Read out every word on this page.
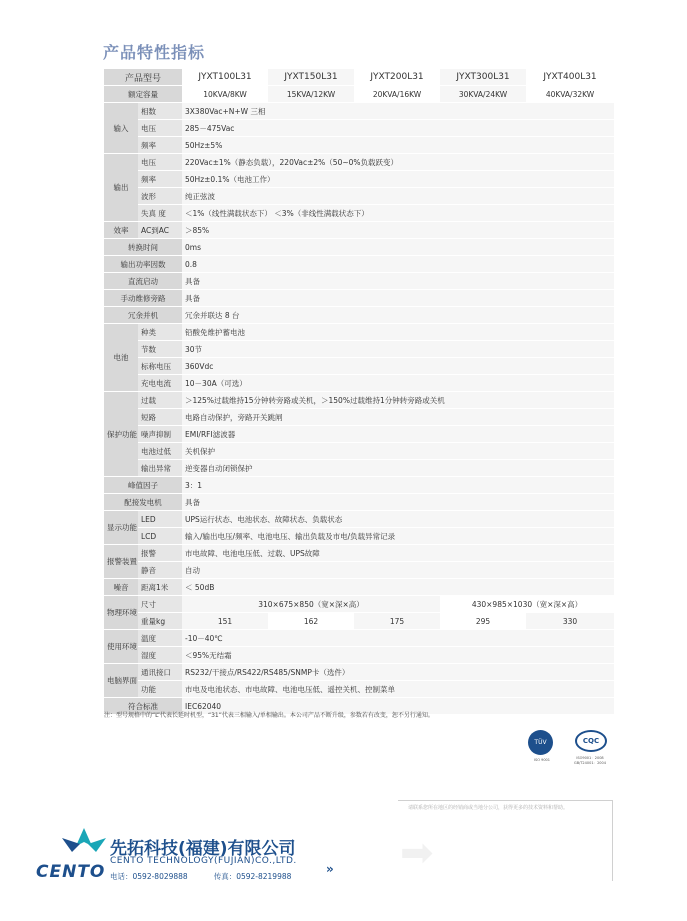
产品特性指标
产品型号		JYXT100L31	JYXT150L31	JYXT200L31	JYXT300L31	JYXT400L31
额定容量		10KVA/8KW	15KVA/12KW	20KVA/16KW	30KVA/24KW	40KVA/32KW
输入	相数	3X380Vac+N+W 三相				
	电压	285－475Vac				
	频率	50Hz±5%				
输出	电压	220Vac±1%（静态负载），220Vac±2%（50~0%负载跃变）				
	频率	50Hz±0.1%（电池工作）				
	波形	纯正弦波				
	失真 度	＜1%（线性满载状态下） ＜3%（非线性满载状态下）				
效率	AC到AC	＞85%				
转换时间		0ms				
输出功率因数		0.8				
直流启动		具备				
手动维修旁路		具备				
冗余并机		冗余并联达 8 台				
电池	种类	铅酸免维护蓄电池				
	节数	30节				
	标称电压	360Vdc				
	充电电流	10－30A（可选）				
保护功能	过载	＞125%过载维持15分钟转旁路或关机，＞150%过载维持1分钟转旁路或关机				
	短路	电路自动保护，旁路开关跳闸				
	噪声抑制	EMI/RFI滤波器				
	电池过低	关机保护				
	输出异常	逆变器自动闭锁保护				
峰值因子		3：1				
配接发电机		具备				
显示功能	LED	UPS运行状态、电池状态、故障状态、负载状态				
	LCD	输入/输出电压/频率、电池电压、输出负载及市电/负载异常记录				
报警装置	报警	市电故障、电池电压低、过载、UPS故障				
	静音	自动				
噪音	距离1米	＜ 50dB				
物理环境	尺寸	310×675×850（宽×深×高）			430×985×1030（宽×深×高）	
	重量kg	151	162	175	295	330
使用环境	温度	-10－40℃				
	湿度	＜95%无结霜				
电脑界面	通讯接口	RS232/干接点/RS422/RS485/SNMP卡（选件）				
	功能	市电及电池状态、市电故障、电池电压低、遥控关机、控制菜单				
符合标准		IEC62040				
注：型号规格中的“L”代表长延时机型，“31”代表三相输入/单相输出。本公司产品不断升级，参数若有改变，恕不另行通知。
TÜV
ISO 9001
CQC
ISO9001：2008
GB/T24001：2004
请联系您所在地区的经销商或当地分公司，获得更多的技术资料和帮助。
➡
CENTO
先拓科技(福建)有限公司
CENTO TECHNOLOGY(FUJIAN)CO.,LTD.
电话：0592-8029888	传真：0592-8219988
»
